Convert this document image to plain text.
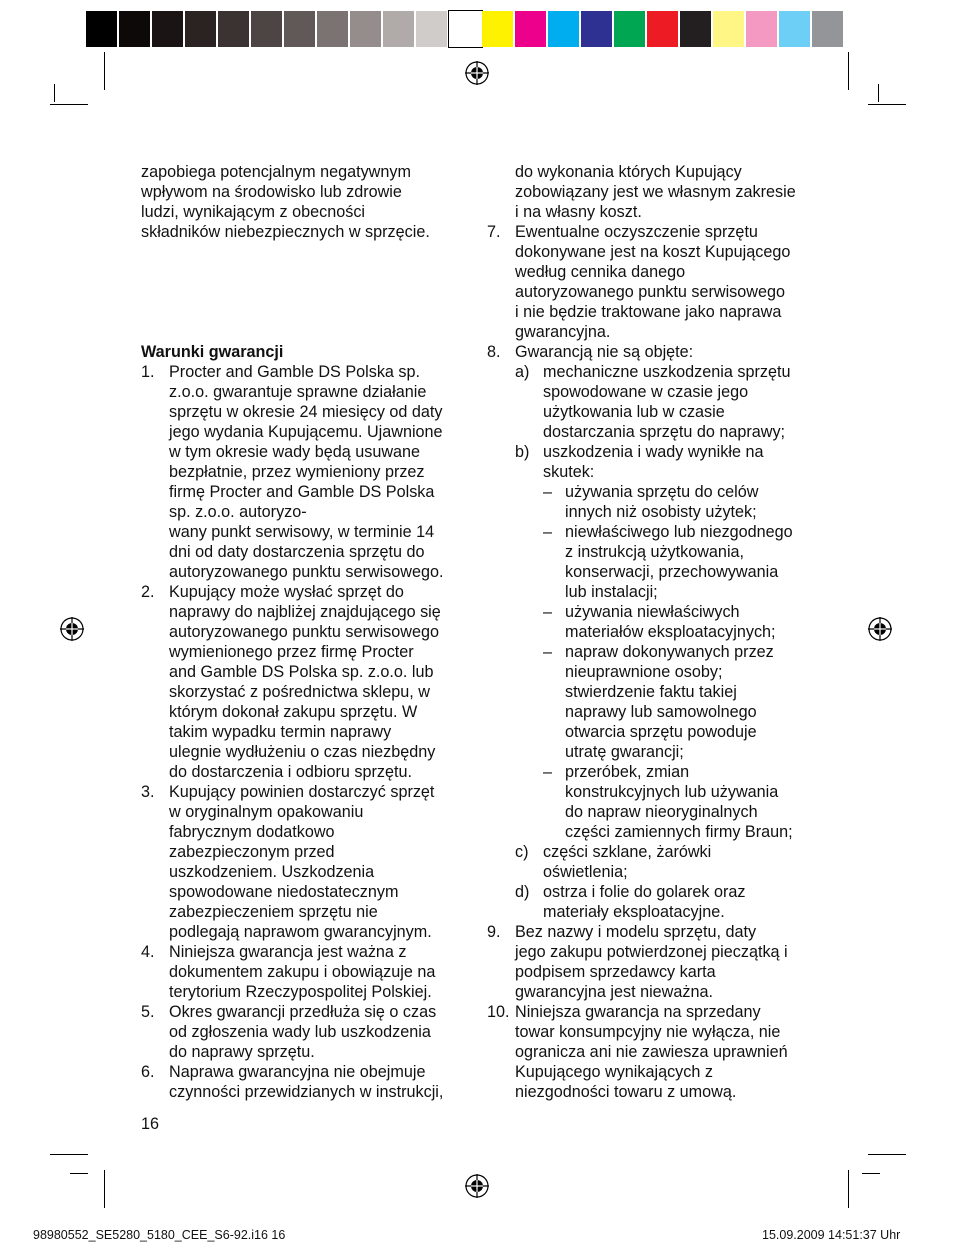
zapobiega potencjalnym negatywnym
wpływom na środowisko lub zdrowie
ludzi, wynikającym z obecności
składników niebezpiecznych w sprzęcie.
Warunki gwarancji
1. Procter and Gamble DS Polska sp.
z.o.o. gwarantuje sprawne działanie
sprzętu w okresie 24 miesięcy od daty
jego wydania Kupującemu. Ujawnione
w tym okresie wady będą usuwane
bezpłatnie, przez wymieniony przez
firmę Procter and Gamble DS Polska
sp. z.o.o. autoryzo-
wany punkt serwisowy, w terminie 14
dni od daty dostarczenia sprzętu do
autoryzowanego punktu serwisowego.
2. Kupujący może wysłać sprzęt do
naprawy do najbliżej znajdującego się
autoryzowanego punktu serwisowego
wymienionego przez firmę Procter
and Gamble DS Polska sp. z.o.o. lub
skorzystać z pośrednictwa sklepu, w
którym dokonał zakupu sprzętu. W
takim wypadku termin naprawy
ulegnie wydłużeniu o czas niezbędny
do dostarczenia i odbioru sprzętu.
3. Kupujący powinien dostarczyć sprzęt
w oryginalnym opakowaniu
fabrycznym dodatkowo
zabezpieczonym przed
uszkodzeniem. Uszkodzenia
spowodowane niedostatecznym
zabezpieczeniem sprzętu nie
podlegają naprawom gwarancyjnym.
4. Niniejsza gwarancja jest ważna z
dokumentem zakupu i obowiązuje na
terytorium Rzeczypospolitej Polskiej.
5. Okres gwarancji przedłuża się o czas
od zgłoszenia wady lub uszkodzenia
do naprawy sprzętu.
6. Naprawa gwarancyjna nie obejmuje
czynności przewidzianych w instrukcji,
16
do wykonania których Kupujący
zobowiązany jest we własnym zakresie
i na własny koszt.
7. Ewentualne oczyszczenie sprzętu
dokonywane jest na koszt Kupującego
według cennika danego
autoryzowanego punktu serwisowego
i nie będzie traktowane jako naprawa
gwarancyjna.
8. Gwarancją nie są objęte:
a) mechaniczne uszkodzenia sprzętu
spowodowane w czasie jego
użytkowania lub w czasie
dostarczania sprzętu do naprawy;
b) uszkodzenia i wady wynikłe na
skutek:
– używania sprzętu do celów
innych niż osobisty użytek;
– niewłaściwego lub niezgodnego
z instrukcją użytkowania,
konserwacji, przechowywania
lub instalacji;
– używania niewłaściwych
materiałów eksploatacyjnych;
– napraw dokonywanych przez
nieuprawnione osoby;
stwierdzenie faktu takiej
naprawy lub samowolnego
otwarcia sprzętu powoduje
utratę gwarancji;
– przeróbek, zmian
konstrukcyjnych lub używania
do napraw nieoryginalnych
części zamiennych firmy Braun;
c) części szklane, żarówki
oświetlenia;
d) ostrza i folie do golarek oraz
materiały eksploatacyjne.
9. Bez nazwy i modelu sprzętu, daty
jego zakupu potwierdzonej pieczątką i
podpisem sprzedawcy karta
gwarancyjna jest nieważna.
10. Niniejsza gwarancja na sprzedany
towar konsumpcyjny nie wyłącza, nie
ogranicza ani nie zawiesza uprawnień
Kupującego wynikających z
niezgodności towaru z umową.
98980552_SE5280_5180_CEE_S6-92.i16 16	15.09.2009 14:51:37 Uhr
